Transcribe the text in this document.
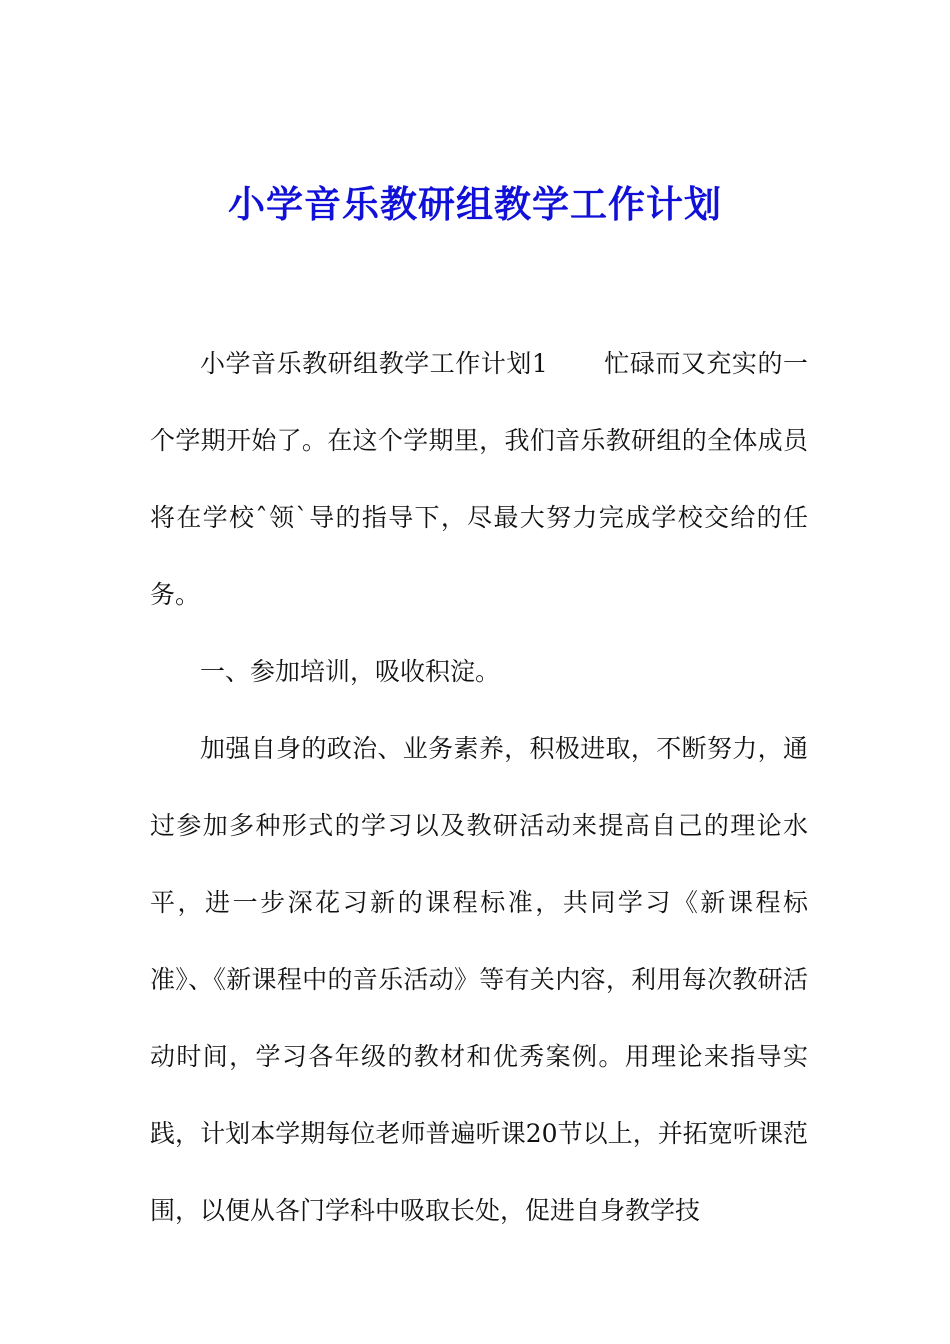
小学音乐教研组教学工作计划

小学音乐教研组教学工作计划1 忙碌而又充实的一个学期开始了。在这个学期里，我们音乐教研组的全体成员将在学校ˆ领ˋ导的指导下，尽最大努力完成学校交给的任务。

一、参加培训，吸收积淀。

加强自身的政治、业务素养，积极进取，不断努力，通过参加多种形式的学习以及教研活动来提高自己的理论水平，进一步深花习新的课程标准，共同学习《新课程标准》、《新课程中的音乐活动》等有关内容，利用每次教研活动时间，学习各年级的教材和优秀案例。用理论来指导实践，计划本学期每位老师普遍听课20节以上，并拓宽听课范围，以便从各门学科中吸取长处，促进自身教学技
